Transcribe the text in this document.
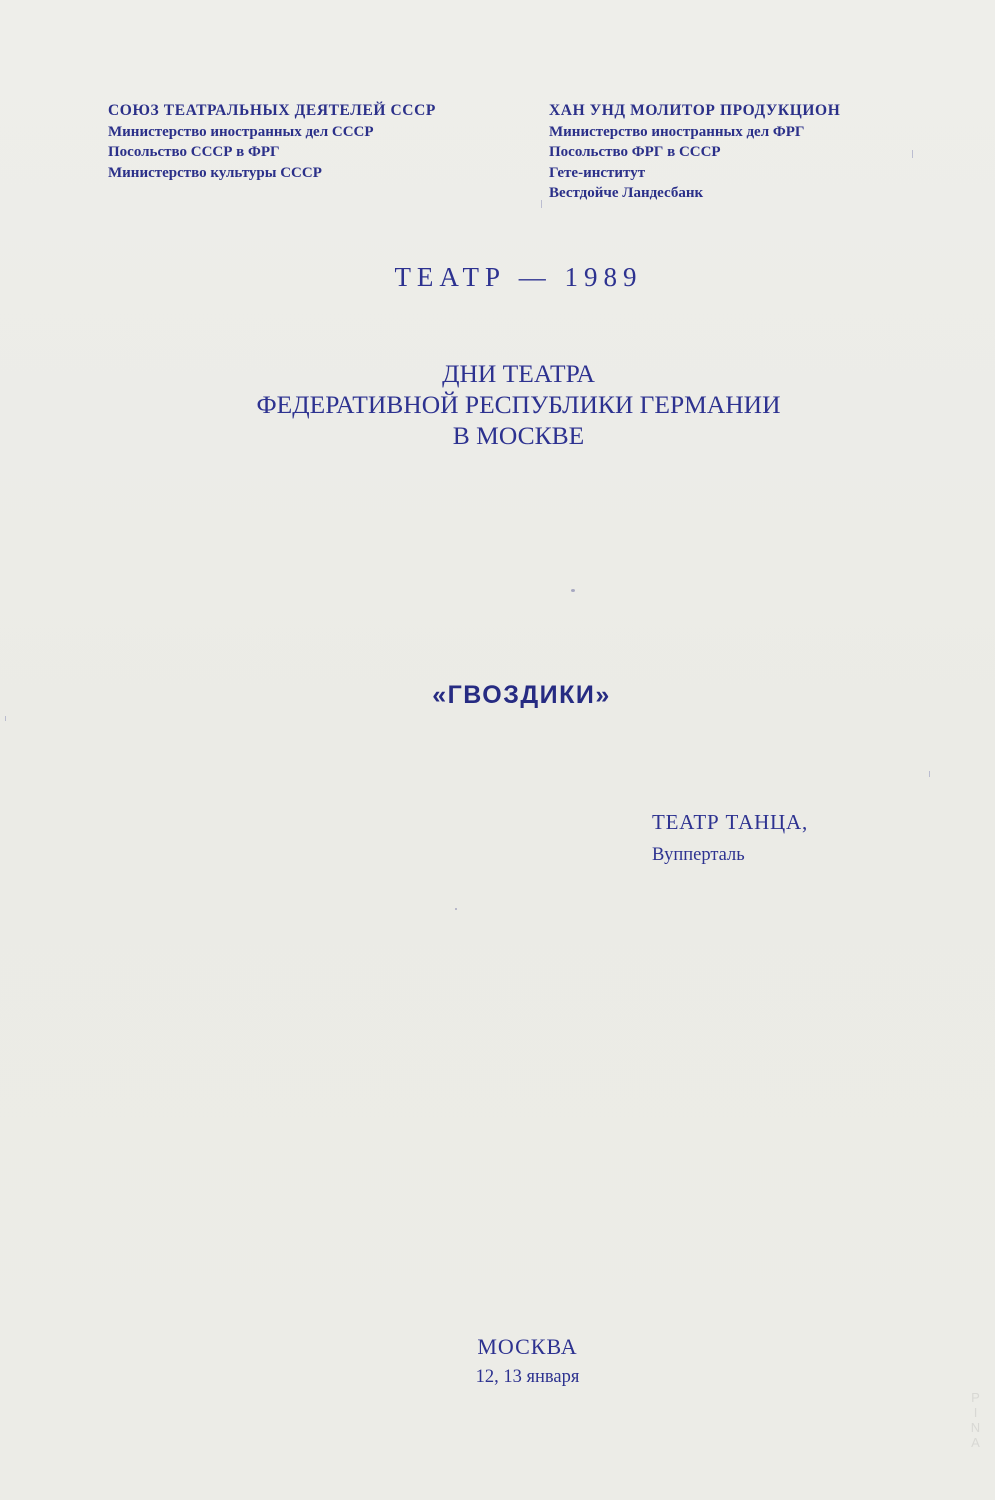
СОЮЗ ТЕАТРАЛЬНЫХ ДЕЯТЕЛЕЙ СССР
Министерство иностранных дел СССР
Посольство СССР в ФРГ
Министерство культуры СССР
ХАН УНД МОЛИТОР ПРОДУКЦИОН
Министерство иностранных дел ФРГ
Посольство ФРГ в СССР
Гете-институт
Вестдойче Ландесбанк
ТЕАТР — 1989
ДНИ ТЕАТРА
ФЕДЕРАТИВНОЙ РЕСПУБЛИКИ ГЕРМАНИИ
В МОСКВЕ
«ГВОЗДИКИ»
ТЕАТР ТАНЦА,
Вупперталь
МОСКВА
12, 13 января
PINA
